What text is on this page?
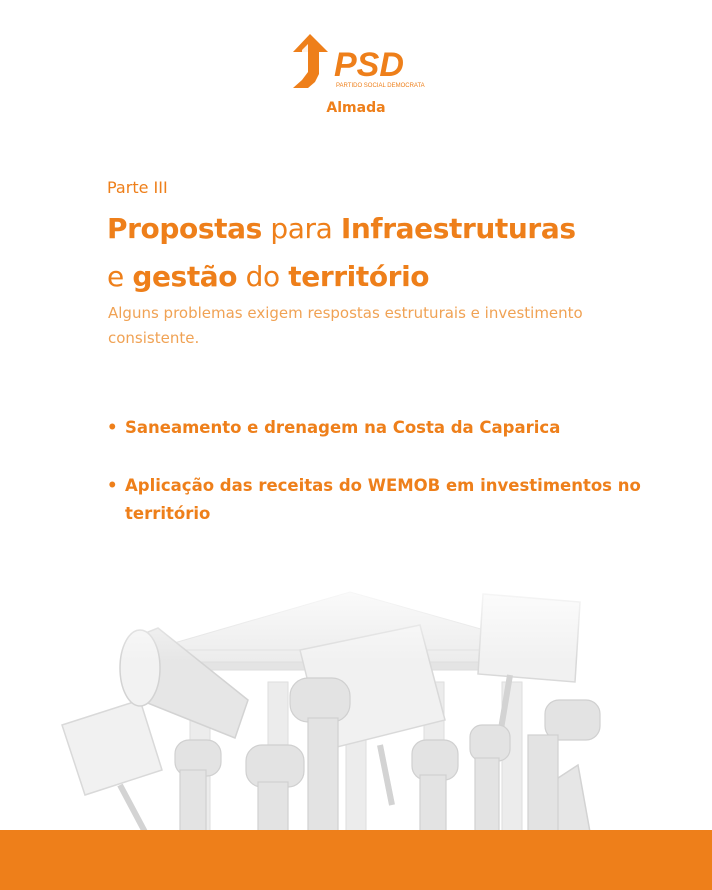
PSD
PARTIDO SOCIAL DEMOCRATA
Almada
Parte III
Propostas para Infraestruturas
e gestão do território
Alguns problemas exigem respostas estruturais e investimento consistente.
• Saneamento e drenagem na Costa da Caparica
• Aplicação das receitas do WEMOB em investimentos no território
